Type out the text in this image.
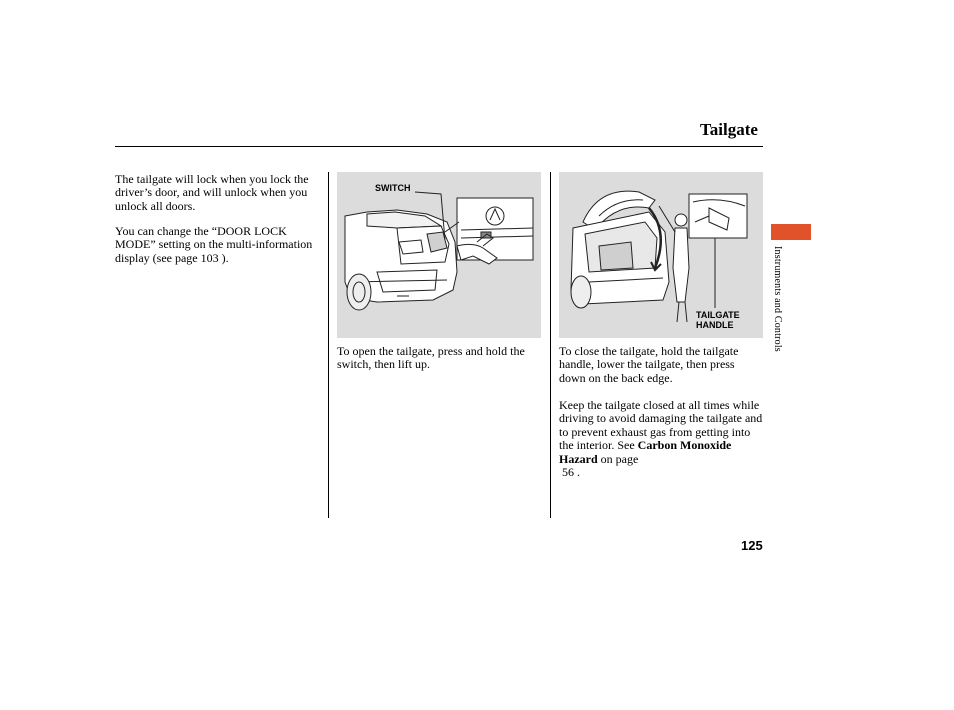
Tailgate
The tailgate will lock when you lock the driver’s door, and will unlock when you unlock all doors.
You can change the “DOOR LOCK MODE” setting on the multi-information display (see page 103 ).
SWITCH
To open the tailgate, press and hold the switch, then lift up.
TAILGATE HANDLE
To close the tailgate, hold the tailgate handle, lower the tailgate, then press down on the back edge.
Keep the tailgate closed at all times while driving to avoid damaging the tailgate and to prevent exhaust gas from getting into the interior. See Carbon Monoxide Hazard on page
56 .
Instruments and Controls
125
